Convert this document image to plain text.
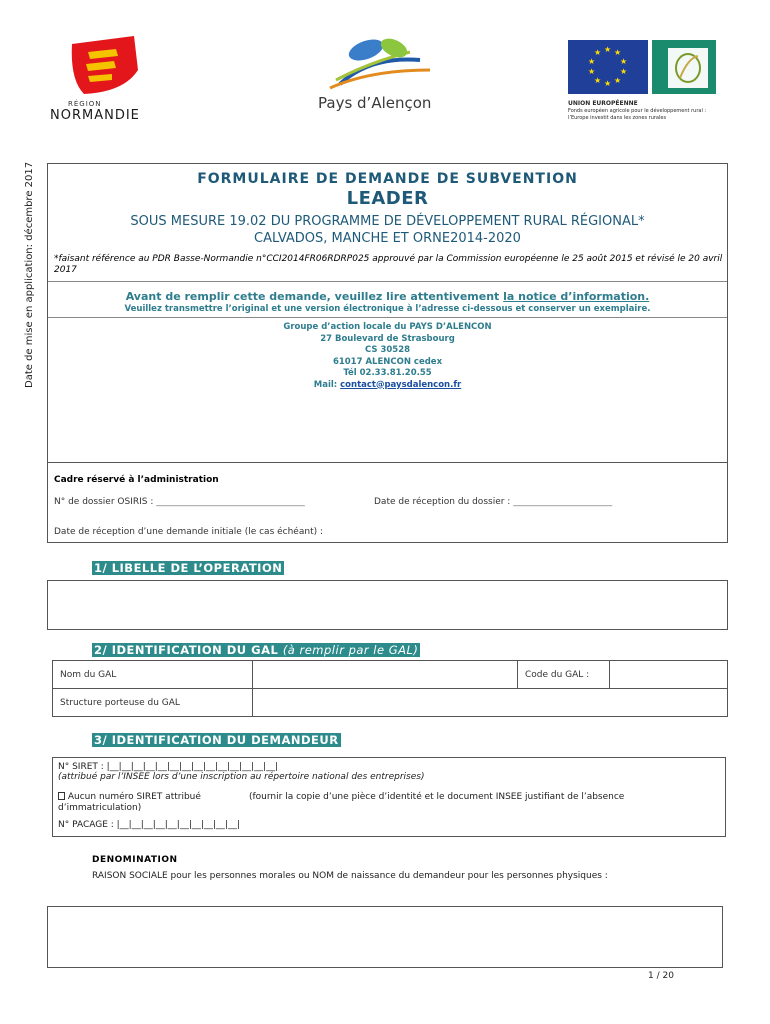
RÉGION
NORMANDIE
Pays d’Alençon
★ ★
★
★
★
★
★
★
★
★
UNION EUROPÉENNE
Fonds européen agricole pour le développement rural : l’Europe investit dans les zones rurales
Date de mise en application: décembre 2017	FORMULAIRE DE DEMANDE DE SUBVENTION
LEADER
SOUS MESURE 19.02 DU PROGRAMME DE DÉVELOPPEMENT RURAL RÉGIONAL*
CALVADOS, MANCHE ET ORNE2014-2020
*faisant référence au PDR Basse-Normandie n°CCI2014FR06RDRP025 approuvé par la Commission européenne le 25 août 2015 et révisé le 20 avril 2017
Avant de remplir cette demande, veuillez lire attentivement la notice d’information.
Veuillez transmettre l’original et une version électronique à l’adresse ci-dessous et conserver un exemplaire.
Groupe d’action locale du PAYS D’ALENCON
27 Boulevard de Strasbourg
CS 30528
61017 ALENCON cedex
Tél 02.33.81.20.55
Mail: contact@paysdalencon.fr
Cadre réservé à l’administration
N° de dossier OSIRIS : _________________________________	Date de réception du dossier : ______________________
Date de réception d’une demande initiale (le cas échéant) :
1/ LIBELLE DE L’OPERATION
2/ IDENTIFICATION DU GAL (à remplir par le GAL)
Nom du GAL		Code du GAL :	
Structure porteuse du GAL			
3/ IDENTIFICATION DU DEMANDEUR
N° SIRET : |__|__|__|__|__|__|__|__|__|__|__|__|__|__|
(attribué par l’INSEE lors d’une inscription au répertoire national des entreprises)
Aucun numéro SIRET attribué d’immatriculation)
(fournir la copie d’une pièce d’identité et le document INSEE justifiant de l’absence
N° PACAGE : |__|__|__|__|__|__|__|__|__|__|
DENOMINATION
RAISON SOCIALE pour les personnes morales ou NOM de naissance du demandeur pour les personnes physiques :
1 / 20
